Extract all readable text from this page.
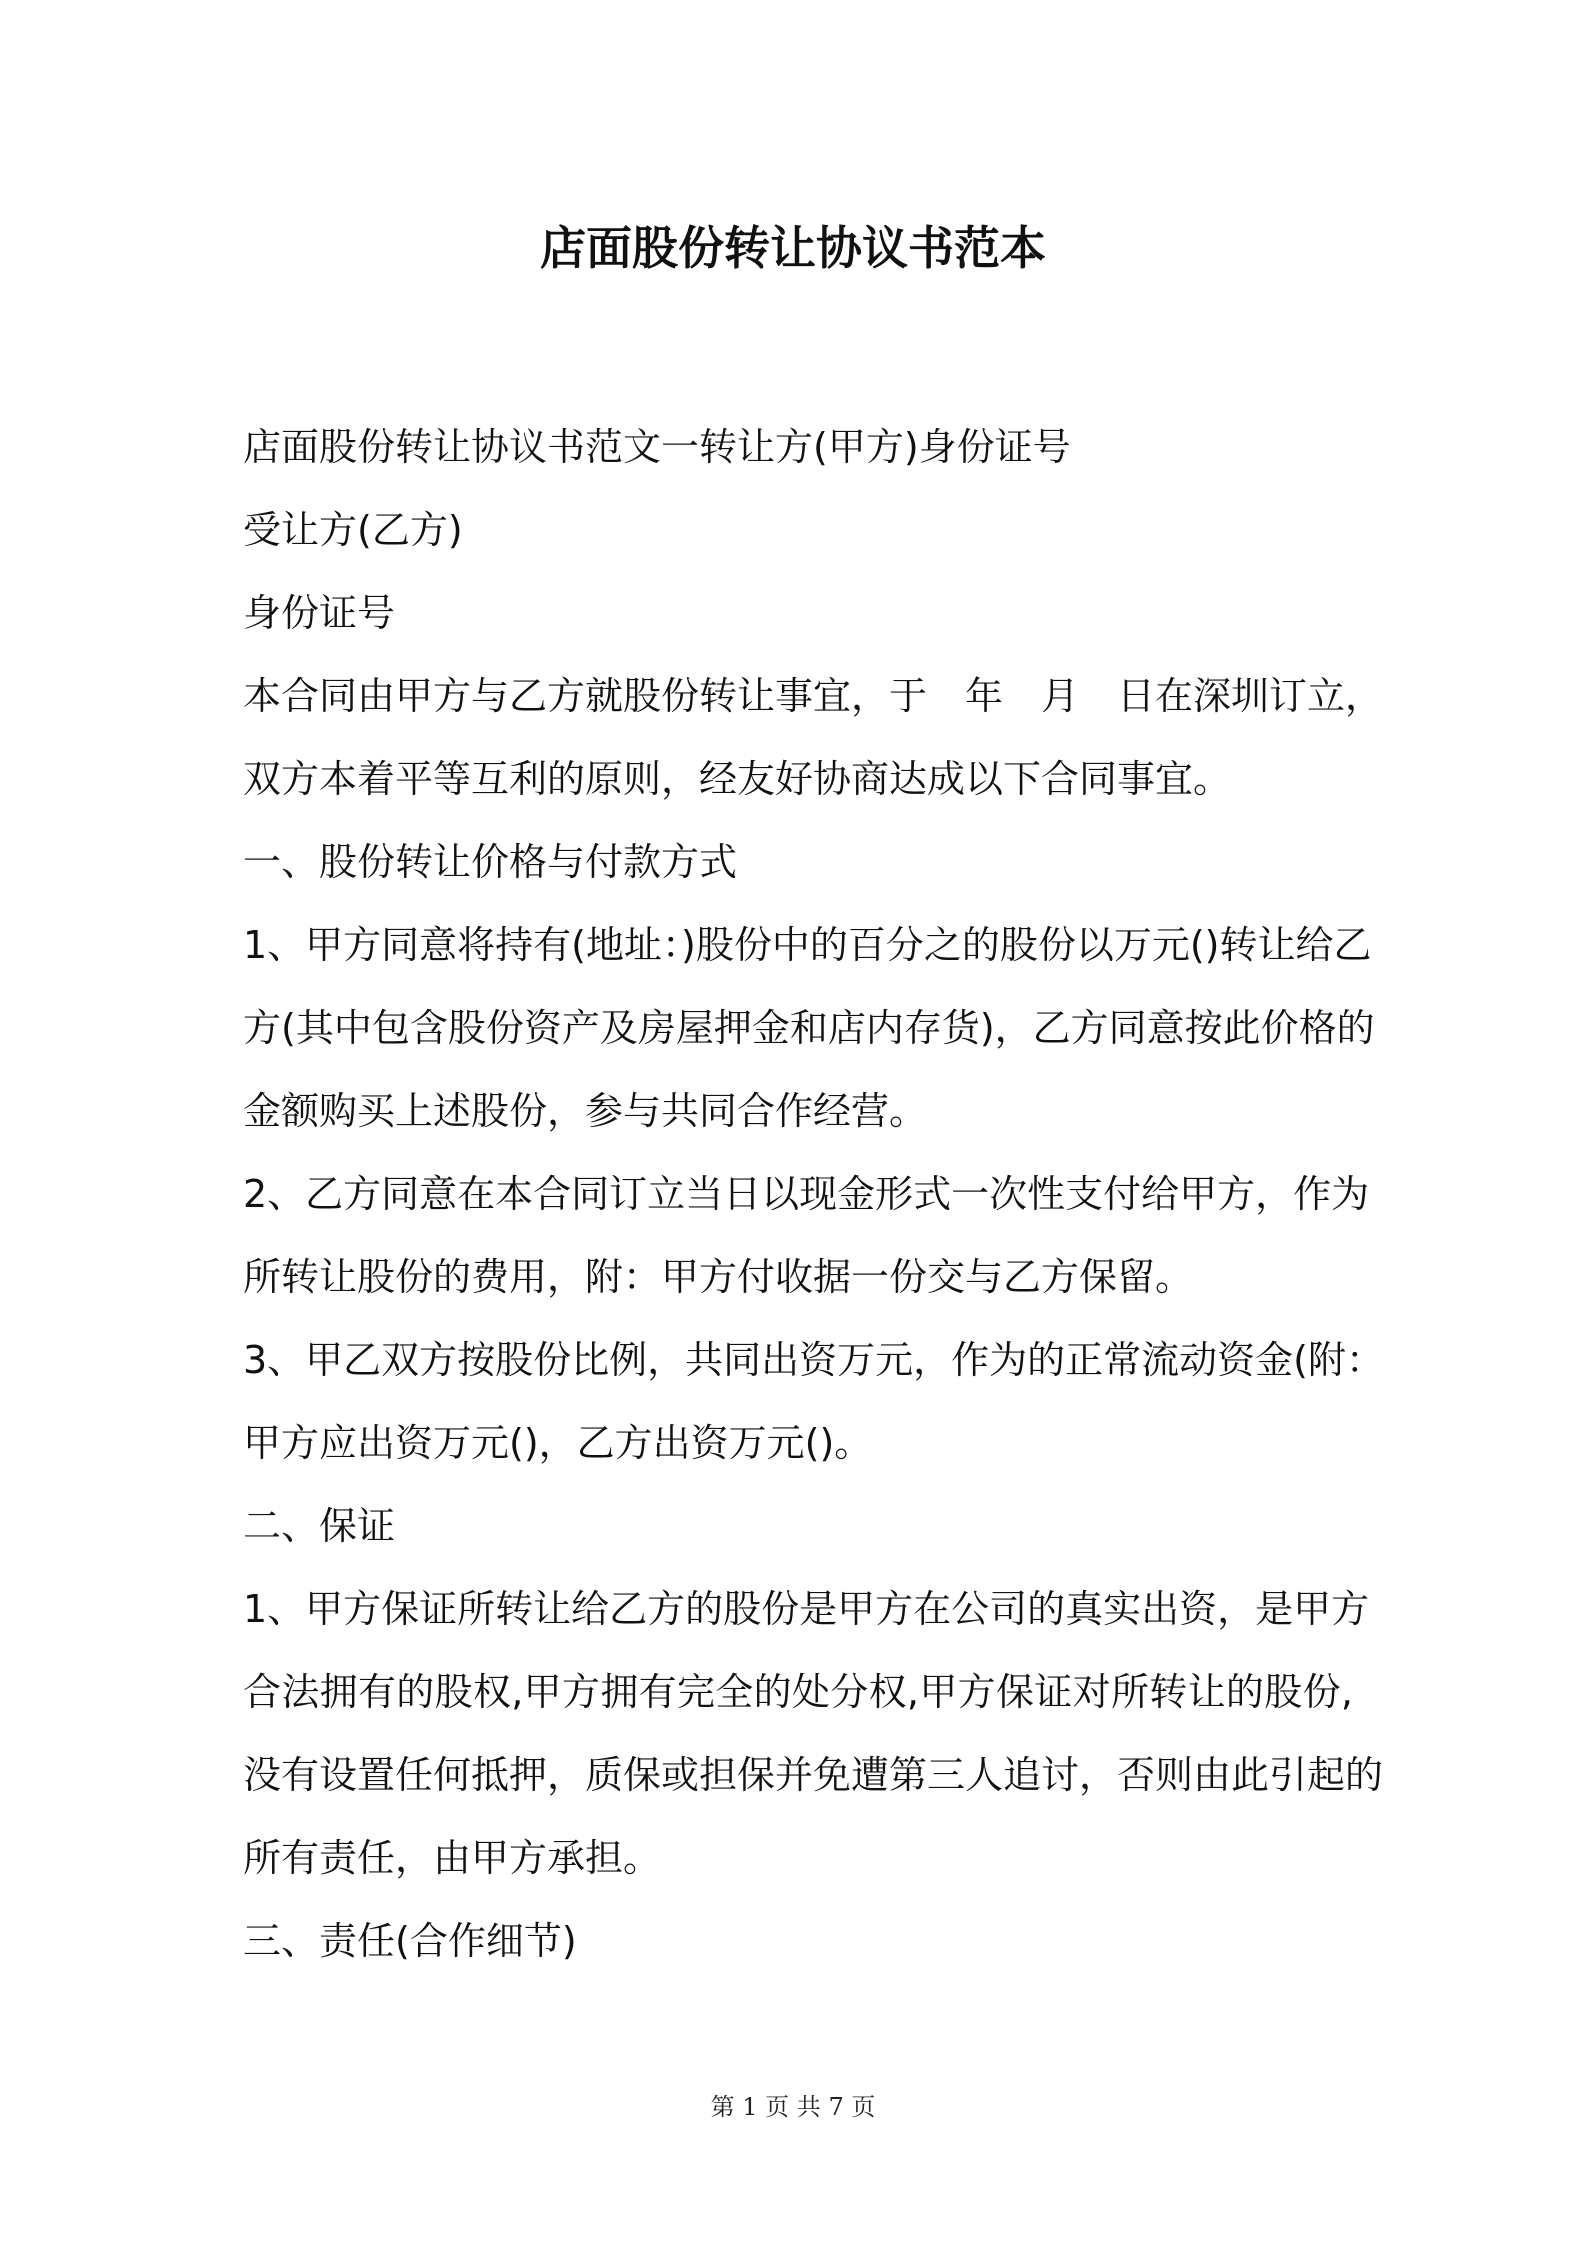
店面股份转让协议书范本
店面股份转让协议书范文一转让方(甲方)身份证号
受让方(乙方)
身份证号
本合同由甲方与乙方就股份转让事宜，于　年　月　日在深圳订立，
双方本着平等互利的原则，经友好协商达成以下合同事宜。
一、股份转让价格与付款方式
1、甲方同意将持有(地址：)股份中的百分之的股份以万元()转让给乙
方(其中包含股份资产及房屋押金和店内存货)，乙方同意按此价格的
金额购买上述股份，参与共同合作经营。
2、乙方同意在本合同订立当日以现金形式一次性支付给甲方，作为
所转让股份的费用，附：甲方付收据一份交与乙方保留。
3、甲乙双方按股份比例，共同出资万元，作为的正常流动资金(附：
甲方应出资万元()，乙方出资万元()。
二、保证
1、甲方保证所转让给乙方的股份是甲方在公司的真实出资，是甲方
合法拥有的股权,甲方拥有完全的处分权,甲方保证对所转让的股份,
没有设置任何抵押，质保或担保并免遭第三人追讨，否则由此引起的
所有责任，由甲方承担。
三、责任(合作细节)
第 1 页 共 7 页
